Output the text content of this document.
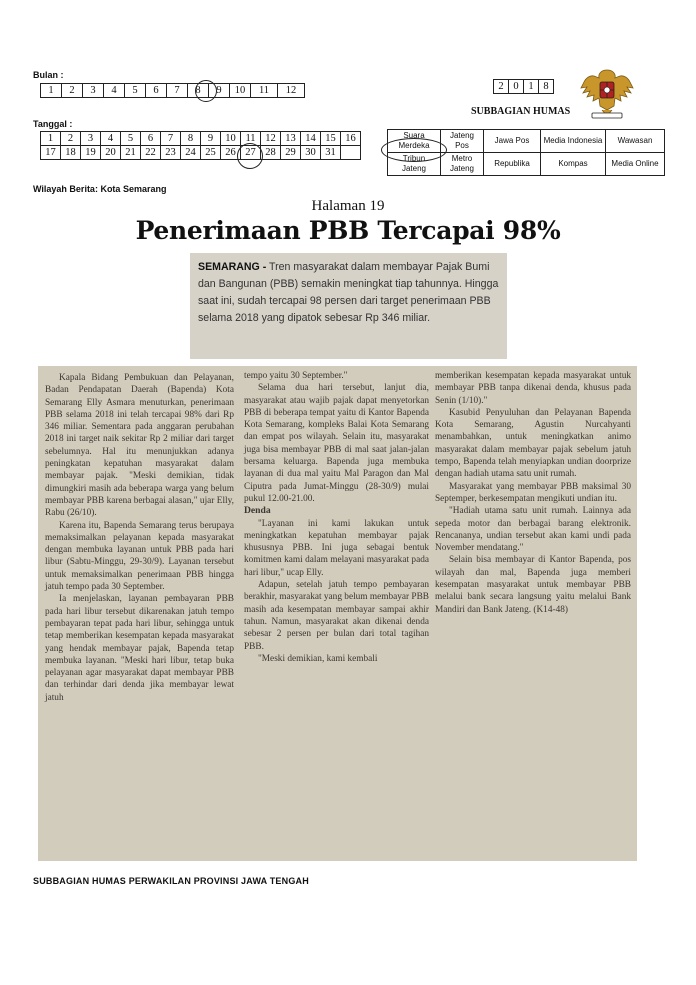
Bulan :
1	2	3	4	5	6	7	8	9	10	11	12
Tanggal :
1	2	3	4	5	6	7	8	9	10	11	12	13	14	15	16
17	18	19	20	21	22	23	24	25	26	27	28	29	30	31	
2	0	1	8
SUBBAGIAN HUMAS
Suara Merdeka	Jateng Pos	Jawa Pos	Media Indonesia	Wawasan
Tribun Jateng	Metro Jateng	Republika	Kompas	Media Online
Wilayah Berita: Kota Semarang
Halaman 19
Penerimaan PBB Tercapai 98%

SEMARANG - Tren masyarakat dalam membayar Pajak Bumi dan Bangunan (PBB) semakin meningkat tiap tahunnya. Hingga saat ini, sudah tercapai 98 persen dari target penerimaan PBB selama 2018 yang dipatok sebesar Rp 346 miliar.

Kapala Bidang Pembukuan dan Pelayanan, Badan Pendapatan Daerah (Bapenda) Kota Semarang Elly Asmara menuturkan, penerimaan PBB selama 2018 ini telah tercapai 98% dari Rp 346 miliar. Sementara pada anggaran perubahan 2018 ini target naik sekitar Rp 2 miliar dari target sebelumnya. Hal itu menunjukkan adanya peningkatan kepatuhan masyarakat dalam membayar pajak. "Meski demikian, tidak dimungkiri masih ada beberapa warga yang belum membayar PBB karena berbagai alasan," ujar Elly, Rabu (26/10).

Karena itu, Bapenda Semarang terus berupaya memaksimalkan pelayanan kepada masyarakat dengan membuka layanan untuk PBB pada hari libur (Sabtu-Minggu, 29-30/9). Layanan tersebut untuk memaksimalkan penerimaan PBB hingga jatuh tempo pada 30 September.

Ia menjelaskan, layanan pembayaran PBB pada hari libur tersebut dikarenakan jatuh tempo pembayaran tepat pada hari libur, sehingga untuk tetap memberikan kesempatan kepada masyarakat yang hendak membayar pajak, Bapenda tetap membuka layanan. "Meski hari libur, tetap buka pelayanan agar masyarakat dapat membayar PBB dan terhindar dari denda jika membayar lewat jatuh

tempo yaitu 30 September."

Selama dua hari tersebut, lanjut dia, masyarakat atau wajib pajak dapat menyetorkan PBB di beberapa tempat yaitu di Kantor Bapenda Kota Semarang, kompleks Balai Kota Semarang dan empat pos wilayah. Selain itu, masyarakat juga bisa membayar PBB di mal saat jalan-jalan bersama keluarga. Bapenda juga membuka layanan di dua mal yaitu Mal Paragon dan Mal Ciputra pada Jumat-Minggu (28-30/9) mulai pukul 12.00-21.00.

Denda

"Layanan ini kami lakukan untuk meningkatkan kepatuhan membayar pajak khususnya PBB. Ini juga sebagai bentuk komitmen kami dalam melayani masyarakat pada hari libur," ucap Elly.

Adapun, setelah jatuh tempo pembayaran berakhir, masyarakat yang belum membayar PBB masih ada kesempatan membayar sampai akhir tahun. Namun, masyarakat akan dikenai denda sebesar 2 persen per bulan dari total tagihan PBB.

"Meski demikian, kami kembali

memberikan kesempatan kepada masyarakat untuk membayar PBB tanpa dikenai denda, khusus pada Senin (1/10)."

Kasubid Penyuluhan dan Pelayanan Bapenda Kota Semarang, Agustin Nurcahyanti menambahkan, untuk meningkatkan animo masyarakat dalam membayar pajak sebelum jatuh tempo, Bapenda telah menyiapkan undian doorprize dengan hadiah utama satu unit rumah.

Masyarakat yang membayar PBB maksimal 30 Septemper, berkesempatan mengikuti undian itu.

"Hadiah utama satu unit rumah. Lainnya ada sepeda motor dan berbagai barang elektronik. Rencananya, undian tersebut akan kami undi pada November mendatang."

Selain bisa membayar di Kantor Bapenda, pos wilayah dan mal, Bapenda juga memberi kesempatan masyarakat untuk membayar PBB melalui bank secara langsung yaitu melalui Bank Mandiri dan Bank Jateng. (K14-48)

SUBBAGIAN HUMAS PERWAKILAN PROVINSI JAWA TENGAH
